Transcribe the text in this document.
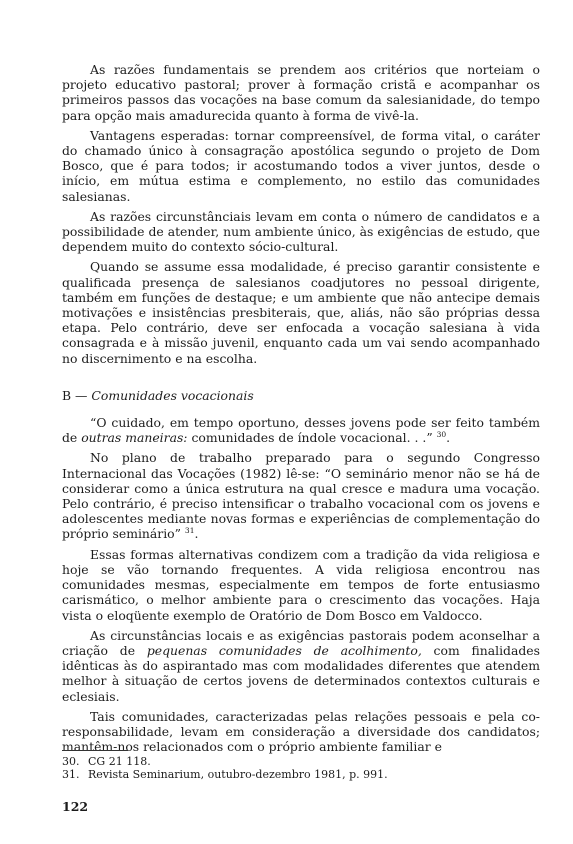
As razões fundamentais se prendem aos critérios que norteiam o projeto educativo pastoral; prover à formação cristã e acompanhar os primeiros passos das vocações na base comum da salesianidade, do tempo para opção mais amadurecida quanto à forma de vivê-la.

Vantagens esperadas: tornar compreensível, de forma vital, o caráter do chamado único à consagração apostólica segundo o projeto de Dom Bosco, que é para todos; ir acostumando todos a viver juntos, desde o início, em mútua estima e complemento, no estilo das comunidades salesianas.

As razões circunstânciais levam em conta o número de candidatos e a possibilidade de atender, num ambiente único, às exigências de estudo, que dependem muito do contexto sócio-cultural.

Quando se assume essa modalidade, é preciso garantir consistente e qualificada presença de salesianos coadjutores no pessoal dirigente, também em funções de destaque; e um ambiente que não antecipe demais motivações e insistências presbiterais, que, aliás, não são próprias dessa etapa. Pelo contrário, deve ser enfocada a vocação salesiana à vida consagrada e à missão juvenil, enquanto cada um vai sendo acompanhado no discernimento e na escolha.

B — Comunidades vocacionais

“O cuidado, em tempo oportuno, desses jovens pode ser feito também de outras maneiras: comunidades de índole vocacional. . .” $^{30}$.

No plano de trabalho preparado para o segundo Congresso Internacional das Vocações (1982) lê-se: “O seminário menor não se há de considerar como a única estrutura na qual cresce e madura uma vocação. Pelo contrário, é preciso intensificar o trabalho vocacional com os jovens e adolescentes mediante novas formas e experiências de complementação do próprio seminário” $^{31}$.

Essas formas alternativas condizem com a tradição da vida religiosa e hoje se vão tornando frequentes. A vida religiosa encontrou nas comunidades mesmas, especialmente em tempos de forte entusiasmo carismático, o melhor ambiente para o crescimento das vocações. Haja vista o eloqüente exemplo de Oratório de Dom Bosco em Valdocco.

As circunstâncias locais e as exigências pastorais podem aconselhar a criação de pequenas comunidades de acolhimento, com finalidades idênticas às do aspirantado mas com modalidades diferentes que atendem melhor à situação de certos jovens de determinados contextos culturais e eclesiais.

Tais comunidades, caracterizadas pelas relações pessoais e pela co-responsabilidade, levam em consideração a diversidade dos candidatos; mantêm-nos relacionados com o próprio ambiente familiar e

30. CG 21 118.
31. Revista Seminarium, outubro-dezembro 1981, p. 991.
122
